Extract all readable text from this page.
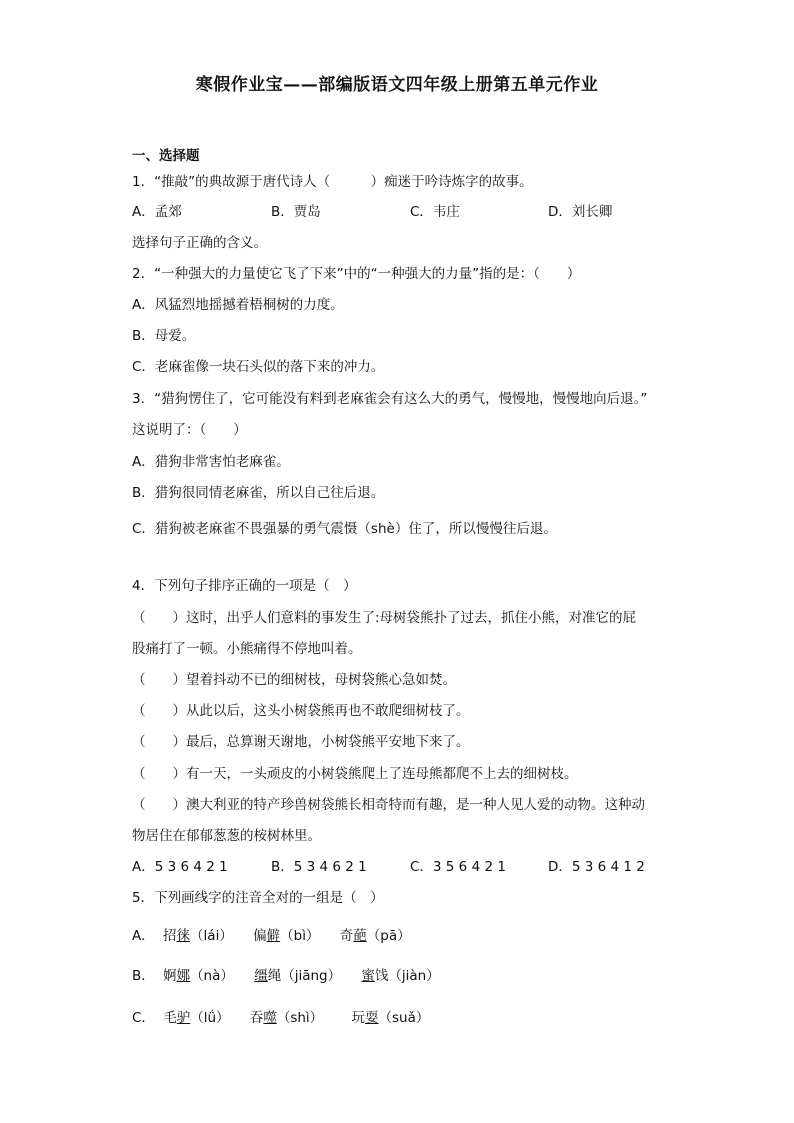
寒假作业宝——部编版语文四年级上册第五单元作业
一、选择题
1．“推敲”的典故源于唐代诗人（　　　）痴迷于吟诗炼字的故事。
A．孟郊	B．贾岛	C．韦庄	D．刘长卿
选择句子正确的含义。
2．“一种强大的力量使它飞了下来”中的“一种强大的力量”指的是：（　　）
A．风猛烈地摇撼着梧桐树的力度。
B．母爱。
C．老麻雀像一块石头似的落下来的冲力。
3．“猎狗愣住了，它可能没有料到老麻雀会有这么大的勇气，慢慢地，慢慢地向后退。”
这说明了：（　　）
A．猎狗非常害怕老麻雀。
B．猎狗很同情老麻雀，所以自己往后退。
C．猎狗被老麻雀不畏强暴的勇气震慑（shè）住了，所以慢慢往后退。
4．下列句子排序正确的一项是（　）
（　　）这时，出乎人们意料的事发生了:母树袋熊扑了过去，抓住小熊，对准它的屁
股痛打了一顿。小熊痛得不停地叫着。
（　　）望着抖动不已的细树枝，母树袋熊心急如焚。
（　　）从此以后，这头小树袋熊再也不敢爬细树枝了。
（　　）最后，总算谢天谢地，小树袋熊平安地下来了。
（　　）有一天，一头顽皮的小树袋熊爬上了连母熊都爬不上去的细树枝。
（　　）澳大利亚的特产珍兽树袋熊长相奇特而有趣，是一种人见人爱的动物。这种动
物居住在郁郁葱葱的桉树林里。
A．5 3 6 4 2 1	B．5 3 4 6 2 1	C．3 5 6 4 2 1	D．5 3 6 4 1 2
5．下列画线字的注音全对的一组是（　）
A． 招徕（lái） 偏僻（bì） 奇葩（pā）
B． 婀娜（nà） 缰绳（jiāng） 蜜饯（jiàn）
C． 毛驴（lǘ） 吞噬（shì） 玩耍（suǎ）
